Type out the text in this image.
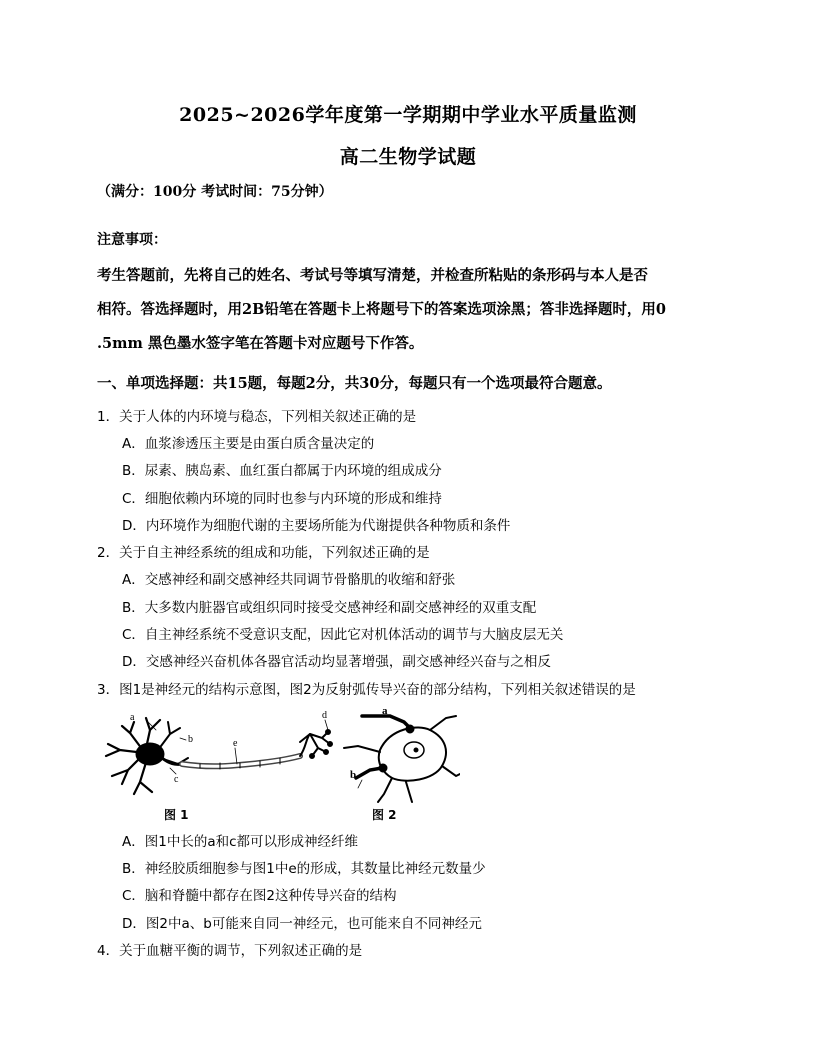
2025~2026学年度第一学期期中学业水平质量监测
高二生物学试题
（满分：100分 考试时间：75分钟）
注意事项：
考生答题前，先将自己的姓名、考试号等填写清楚，并检查所粘贴的条形码与本人是否
相符。答选择题时，用2B铅笔在答题卡上将题号下的答案选项涂黑；答非选择题时，用0
.5mm 黑色墨水签字笔在答题卡对应题号下作答。
一、单项选择题：共15题，每题2分，共30分，每题只有一个选项最符合题意。
1．关于人体的内环境与稳态，下列相关叙述正确的是
A．血浆渗透压主要是由蛋白质含量决定的
B．尿素、胰岛素、血红蛋白都属于内环境的组成成分
C．细胞依赖内环境的同时也参与内环境的形成和维持
D．内环境作为细胞代谢的主要场所能为代谢提供各种物质和条件
2．关于自主神经系统的组成和功能，下列叙述正确的是
A．交感神经和副交感神经共同调节骨骼肌的收缩和舒张
B．大多数内脏器官或组织同时接受交感神经和副交感神经的双重支配
C．自主神经系统不受意识支配，因此它对机体活动的调节与大脑皮层无关
D．交感神经兴奋机体各器官活动均显著增强，副交感神经兴奋与之相反
3．图1是神经元的结构示意图，图2为反射弧传导兴奋的部分结构，下列相关叙述错误的是
a
b
c
d
e
a
b
图 1	图 2
A．图1中长的a和c都可以形成神经纤维
B．神经胶质细胞参与图1中e的形成，其数量比神经元数量少
C．脑和脊髓中都存在图2这种传导兴奋的结构
D．图2中a、b可能来自同一神经元，也可能来自不同神经元
4．关于血糖平衡的调节，下列叙述正确的是
